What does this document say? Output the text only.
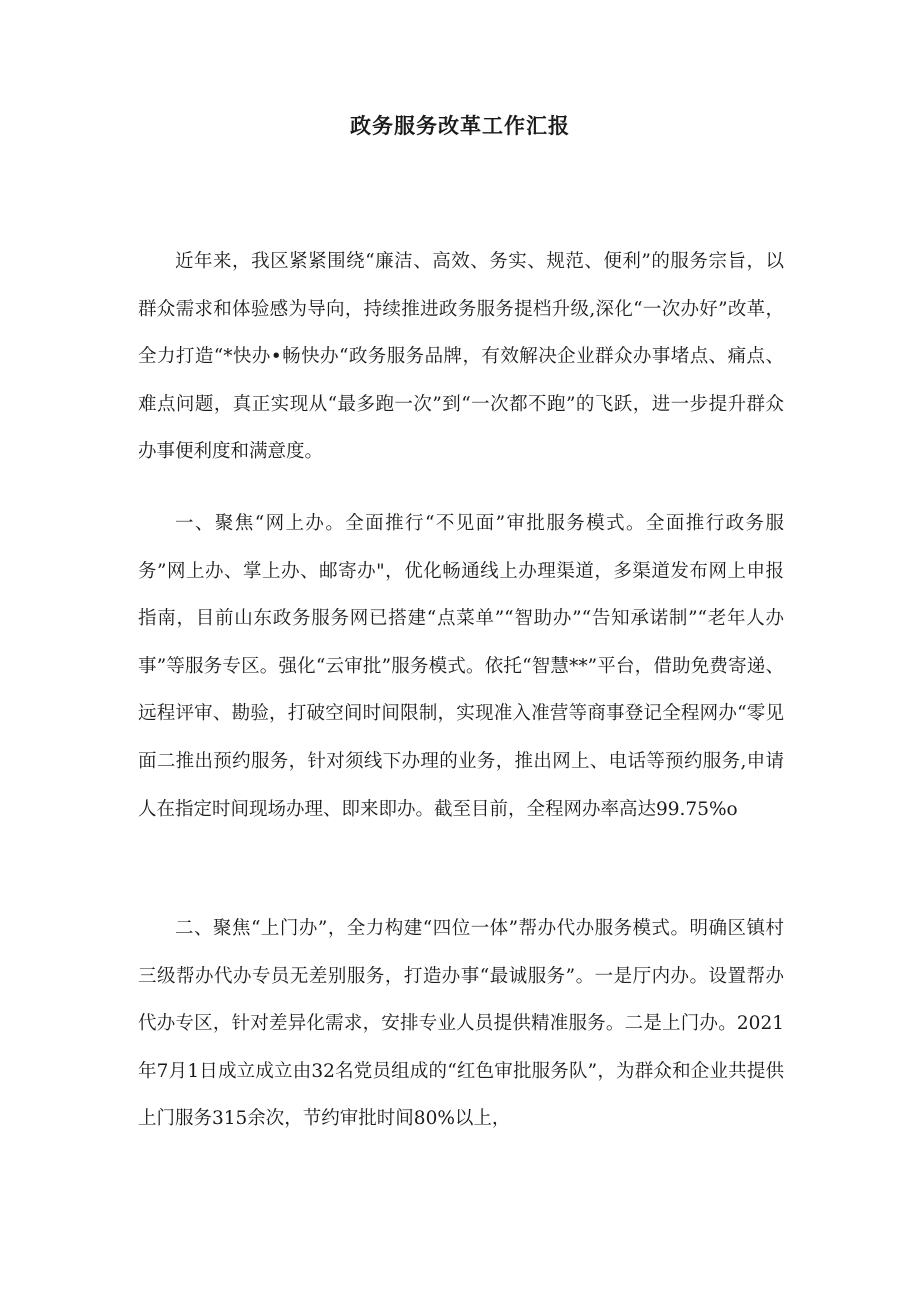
政务服务改革工作汇报

近年来，我区紧紧围绕“廉洁、高效、务实、规范、便利”的服务宗旨，以群众需求和体验感为导向，持续推进政务服务提档升级,深化“一次办好”改革，全力打造“*快办•畅快办“政务服务品牌，有效解决企业群众办事堵点、痛点、难点问题，真正实现从“最多跑一次”到“一次都不跑”的飞跃，进一步提升群众办事便利度和满意度。

一、聚焦“网上办。全面推行“不见面”审批服务模式。全面推行政务服务”网上办、掌上办、邮寄办"，优化畅通线上办理渠道，多渠道发布网上申报指南，目前山东政务服务网已搭建“点菜单”“智助办”“告知承诺制”“老年人办事”等服务专区。强化“云审批”服务模式。依托“智慧**”平台，借助免费寄递、远程评审、勘验，打破空间时间限制，实现准入准营等商事登记全程网办“零见面二推出预约服务，针对须线下办理的业务，推出网上、电话等预约服务,申请人在指定时间现场办理、即来即办。截至目前，全程网办率高达99.75%o

二、聚焦“上门办”，全力构建“四位一体”帮办代办服务模式。明确区镇村三级帮办代办专员无差别服务，打造办事“最诚服务”。一是厅内办。设置帮办代办专区，针对差异化需求，安排专业人员提供精准服务。二是上门办。2021年7月1日成立成立由32名党员组成的“红色审批服务队”，为群众和企业共提供上门服务315余次，节约审批时间80%以上，
